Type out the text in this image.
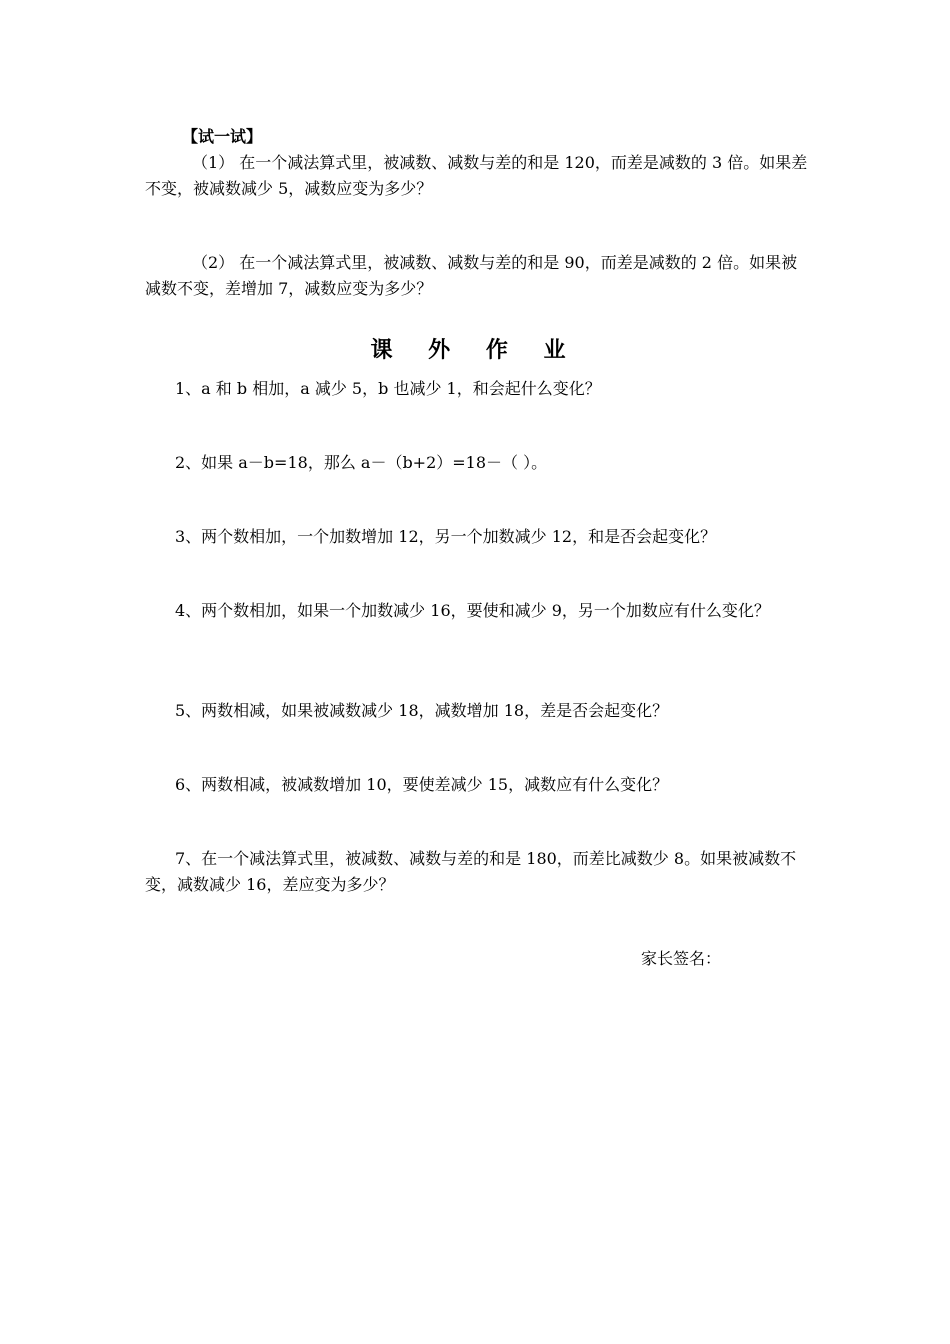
【试一试】
（1） 在一个减法算式里，被减数、减数与差的和是 120，而差是减数的 3 倍。如果差不变，被减数减少 5，减数应变为多少？
（2） 在一个减法算式里，被减数、减数与差的和是 90，而差是减数的 2 倍。如果被减数不变，差增加 7，减数应变为多少？
课 外 作 业
1、a 和 b 相加，a 减少 5，b 也减少 1，和会起什么变化？
2、如果 a－b=18，那么 a－（b+2）=18－（ ）。
3、两个数相加，一个加数增加 12，另一个加数减少 12，和是否会起变化？
4、两个数相加，如果一个加数减少 16，要使和减少 9，另一个加数应有什么变化？
5、两数相减，如果被减数减少 18，减数增加 18，差是否会起变化？
6、两数相减，被减数增加 10，要使差减少 15，减数应有什么变化？
7、在一个减法算式里，被减数、减数与差的和是 180，而差比减数少 8。如果被减数不变，减数减少 16，差应变为多少？
家长签名：
